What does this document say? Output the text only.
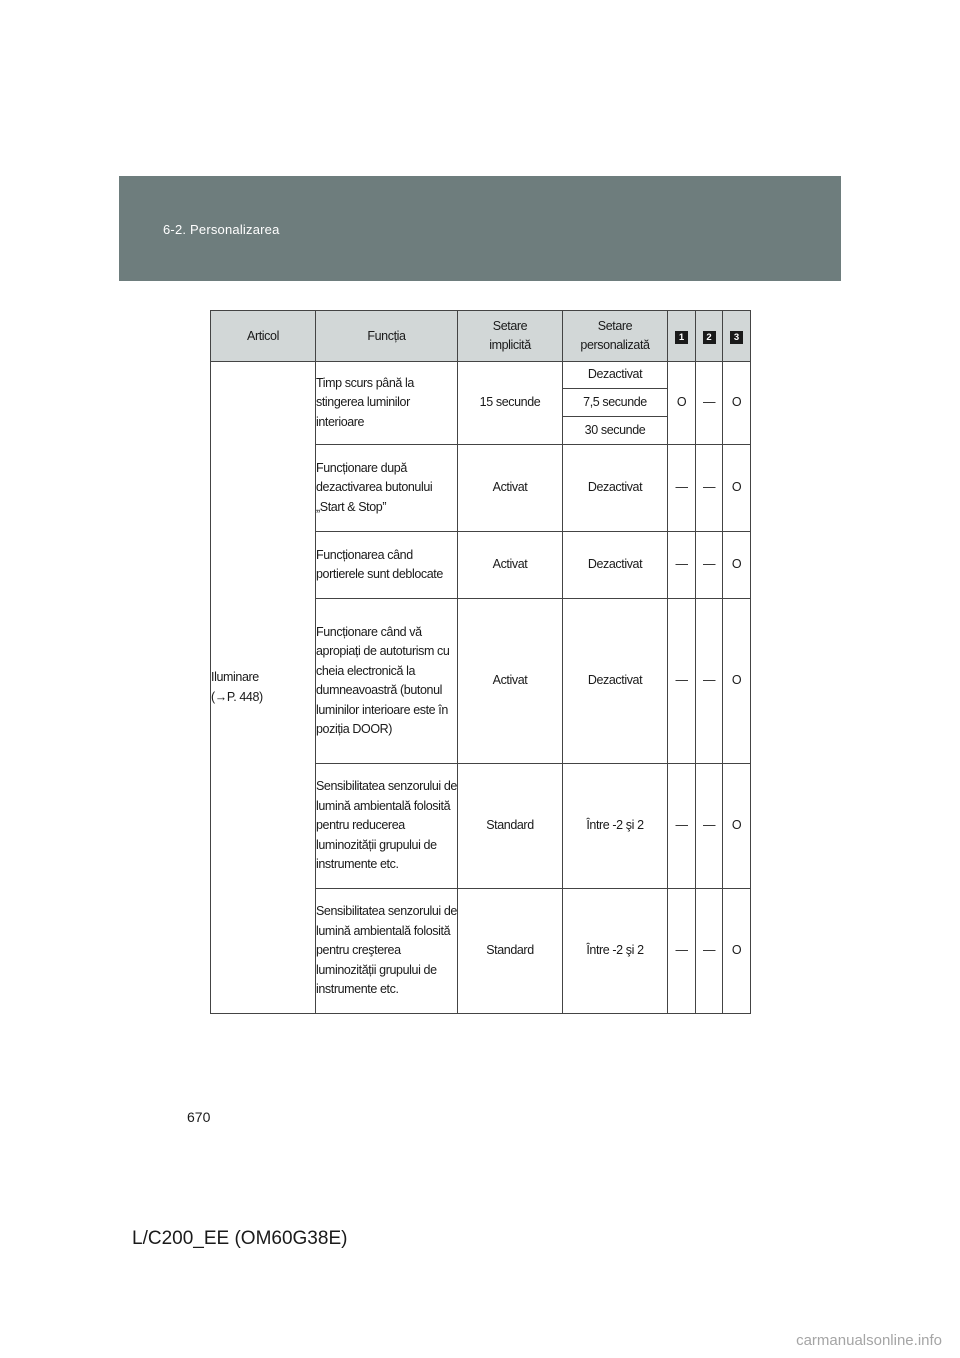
6-2. Personalizarea
Articol	Funcția	Setare implicită	Setare personalizată	1	2	3
Iluminare
(→P. 448)	Timp scurs până la stingerea luminilor interioare	15 secunde	Dezactivat	O	—	O
			7,5 secunde			
			30 secunde			
	Funcționare după dezactivarea butonului „Start & Stop”	Activat	Dezactivat	—	—	O
	Funcționarea când portierele sunt deblocate	Activat	Dezactivat	—	—	O
	Funcționare când vă apropiați de autoturism cu cheia electronică la dumneavoastră (butonul luminilor interioare este în poziția DOOR)	Activat	Dezactivat	—	—	O
	Sensibilitatea senzorului de lumină ambientală folosită pentru reducerea luminozității grupului de instrumente etc.	Standard	Între -2 şi 2	—	—	O
	Sensibilitatea senzorului de lumină ambientală folosită pentru creşterea luminozității grupului de instrumente etc.	Standard	Între -2 şi 2	—	—	O
670
L/C200_EE (OM60G38E)
carmanualsonline.info
